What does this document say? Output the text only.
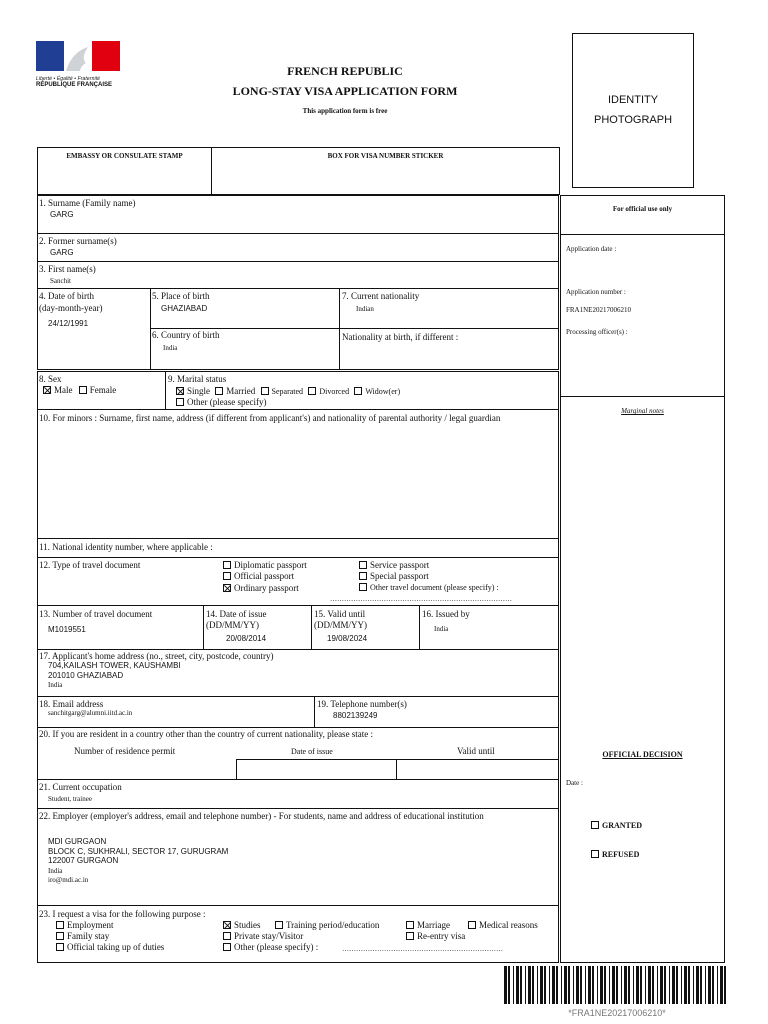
Liberté • Égalité • Fraternité
RÉPUBLIQUE FRANÇAISE
FRENCH REPUBLIC
LONG-STAY VISA APPLICATION FORM
This application form is free
IDENTITY
PHOTOGRAPH
EMBASSY OR CONSULATE STAMP	BOX FOR VISA NUMBER STICKER
For official use only
Application date :
Application number :
FRA1NE20217006210
Processing officer(s) :
Marginal notes
OFFICIAL DECISION
Date :
GRANTED
REFUSED
1. Surname (Family name)
GARG
2. Former surname(s)
GARG
3. First name(s)
Sanchit
4. Date of birth
(day-month-year)
24/12/1991
5. Place of birth
GHAZIABAD
6. Country of birth
India
7. Current nationality
Indian
Nationality at birth, if different :
8. Sex
Male Female
9. Marital status
Single Married Separated Divorced Widow(er)
Other (please specify)
10. For minors : Surname, first name, address (if different from applicant's) and nationality of parental authority / legal guardian
11. National identity number, where applicable :
12. Type of travel document	Diplomatic passport
Official passport
Ordinary passport
Service passport
Special passport
Other travel document (please specify) :
……………………………………………………………………
13. Number of travel document
M1019551
14. Date of issue
(DD/MM/YY)
20/08/2014
15. Valid until
(DD/MM/YY)
19/08/2024
16. Issued by
India
17. Applicant's home address (no., street, city, postcode, country)
704,KAILASH TOWER, KAUSHAMBI
201010 GHAZIABAD
India
18. Email address
sanchitgarg@alumni.iitd.ac.in
19. Telephone number(s)
8802139249
20. If you are resident in a country other than the country of current nationality, please state :
Number of residence permit	Date of issue	Valid until
21. Current occupation
Student, trainee
22. Employer (employer's address, email and telephone number) - For students, name and address of educational institution
MDI GURGAON
BLOCK C, SUKHRALI, SECTOR 17, GURUGRAM
122007 GURGAON
India
iro@mdi.ac.in
23. I request a visa for the following purpose :
Employment
Family stay
Official taking up of duties
Studies
Private stay/Visitor
Other (please specify) :	……………………………………………………………
Training period/education
Re-entry visa
Marriage	Medical reasons
*FRA1NE20217006210*
